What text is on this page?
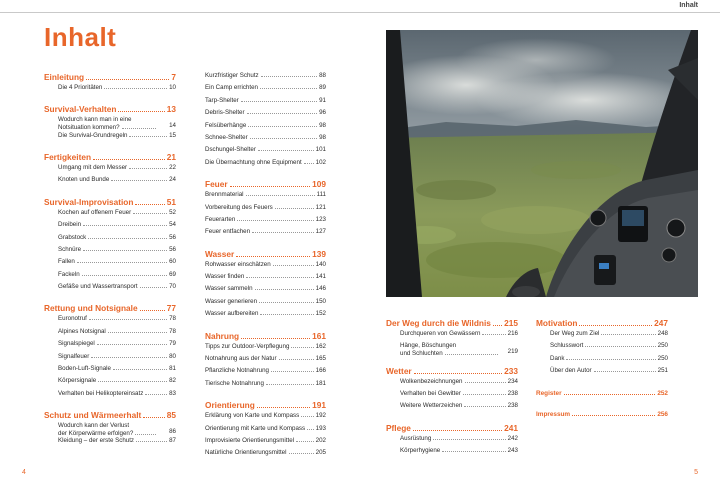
Inhalt
Inhalt
Einleitung	7
Die 4 Prioritäten	10
Survival-Verhalten	13
Wodurch kann man in eine
Notsituation kommen?	14
Die Survival-Grundregeln	15
Fertigkeiten	21
Umgang mit dem Messer	22
Knoten und Bunde	24
Survival-Improvisation	51
Kochen auf offenem Feuer	52
Dreibein	54
Grabstock	56
Schnüre	56
Fallen	60
Fackeln	69
Gefäße und Wassertransport	70
Rettung und Notsignale	77
Euronotruf	78
Alpines Notsignal	78
Signalspiegel	79
Signalfeuer	80
Boden-Luft-Signale	81
Körpersignale	82
Verhalten bei Helikoptereinsatz	83
Schutz und Wärmeerhalt	85
Wodurch kann der Verlust
der Körperwärme erfolgen?	86
Kleidung – der erste Schutz	87
Kurzfristiger Schutz	88
Ein Camp errichten	89
Tarp-Shelter	91
Debris-Shelter	96
Felsüberhänge	98
Schnee-Shelter	98
Dschungel-Shelter	101
Die Übernachtung ohne Equipment 102
Feuer	109
Brennmaterial	111
Vorbereitung des Feuers	121
Feuerarten	123
Feuer entfachen	127
Wasser	139
Rohwasser einschätzen	140
Wasser finden	141
Wasser sammeln	146
Wasser generieren	150
Wasser aufbereiten	152
Nahrung	161
Tipps zur Outdoor-Verpflegung	162
Notnahrung aus der Natur	165
Pflanzliche Notnahrung	166
Tierische Notnahrung	181
Orientierung	191
Erklärung von Karte und Kompass	192
Orientierung mit Karte und Kompass 193
Improvisierte Orientierungsmittel	202
Natürliche Orientierungsmittel	205
Der Weg durch die Wildnis 215
Durchqueren von Gewässern	216
Hänge, Böschungen
und Schluchten	219
Wetter	233
Wolkenbezeichnungen	234
Verhalten bei Gewitter	238
Weitere Wetterzeichen	238
Pflege	241
Ausrüstung	242
Körperhygiene	243
Motivation	247
Der Weg zum Ziel	248
Schlusswort	250
Dank	250
Über den Autor	251
Register	252
Impressum	256
4	5
